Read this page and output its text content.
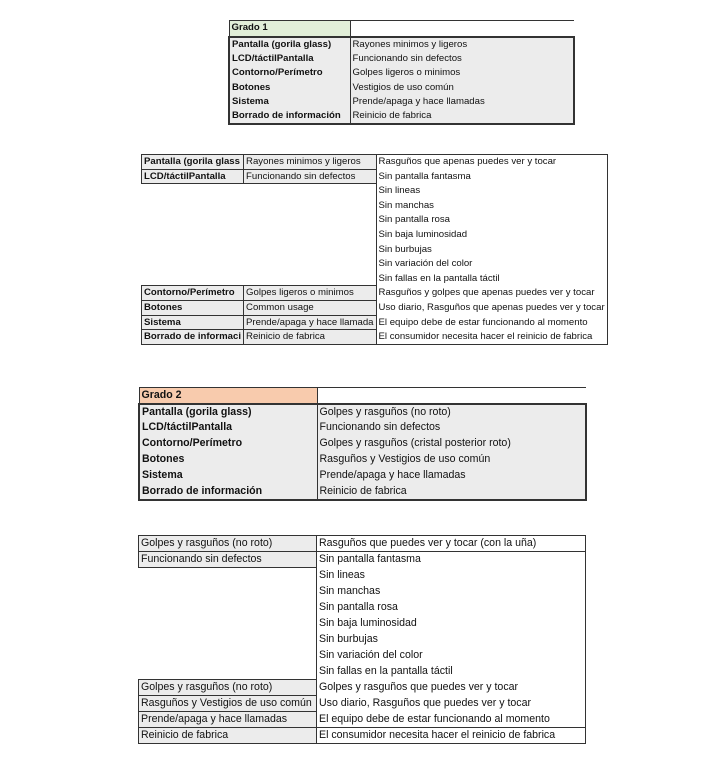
Grado 1	
Pantalla (gorila glass)	Rayones minimos y ligeros
LCD/táctilPantalla	Funcionando sin defectos
Contorno/Perímetro	Golpes ligeros o minimos
Botones	Vestigios de uso común
Sistema	Prende/apaga y hace llamadas
Borrado de información	Reinicio de fabrica
Pantalla (gorila glass	Rayones minimos y ligeros	Rasguños que apenas puedes ver y tocar
LCD/táctilPantalla	Funcionando sin defectos	Sin pantalla fantasma
		Sin lineas
		Sin manchas
		Sin pantalla rosa
		Sin baja luminosidad
		Sin burbujas
		Sin variación del color
		Sin fallas en la pantalla táctil
Contorno/Perímetro	Golpes ligeros o minimos	Rasguños y golpes que apenas puedes ver y tocar
Botones	Common usage	Uso diario, Rasguños que apenas puedes ver y tocar
Sistema	Prende/apaga y hace llamada	El equipo debe de estar funcionando al momento
Borrado de informaci	Reinicio de fabrica	El consumidor necesita hacer el reinicio de fabrica
Grado 2	
Pantalla (gorila glass)	Golpes y rasguños (no roto)
LCD/táctilPantalla	Funcionando sin defectos
Contorno/Perímetro	Golpes y rasguños (cristal posterior roto)
Botones	Rasguños y Vestigios de uso común
Sistema	Prende/apaga y hace llamadas
Borrado de información	Reinicio de fabrica
Golpes y rasguños (no roto)	Rasguños que puedes ver y tocar (con la uña)
Funcionando sin defectos	Sin pantalla fantasma
	Sin lineas
	Sin manchas
	Sin pantalla rosa
	Sin baja luminosidad
	Sin burbujas
	Sin variación del color
	Sin fallas en la pantalla táctil
Golpes y rasguños (no roto)	Golpes y rasguños que puedes ver y tocar
Rasguños y Vestigios de uso común	Uso diario, Rasguños que puedes ver y tocar
Prende/apaga y hace llamadas	El equipo debe de estar funcionando al momento
Reinicio de fabrica	El consumidor necesita hacer el reinicio de fabrica
